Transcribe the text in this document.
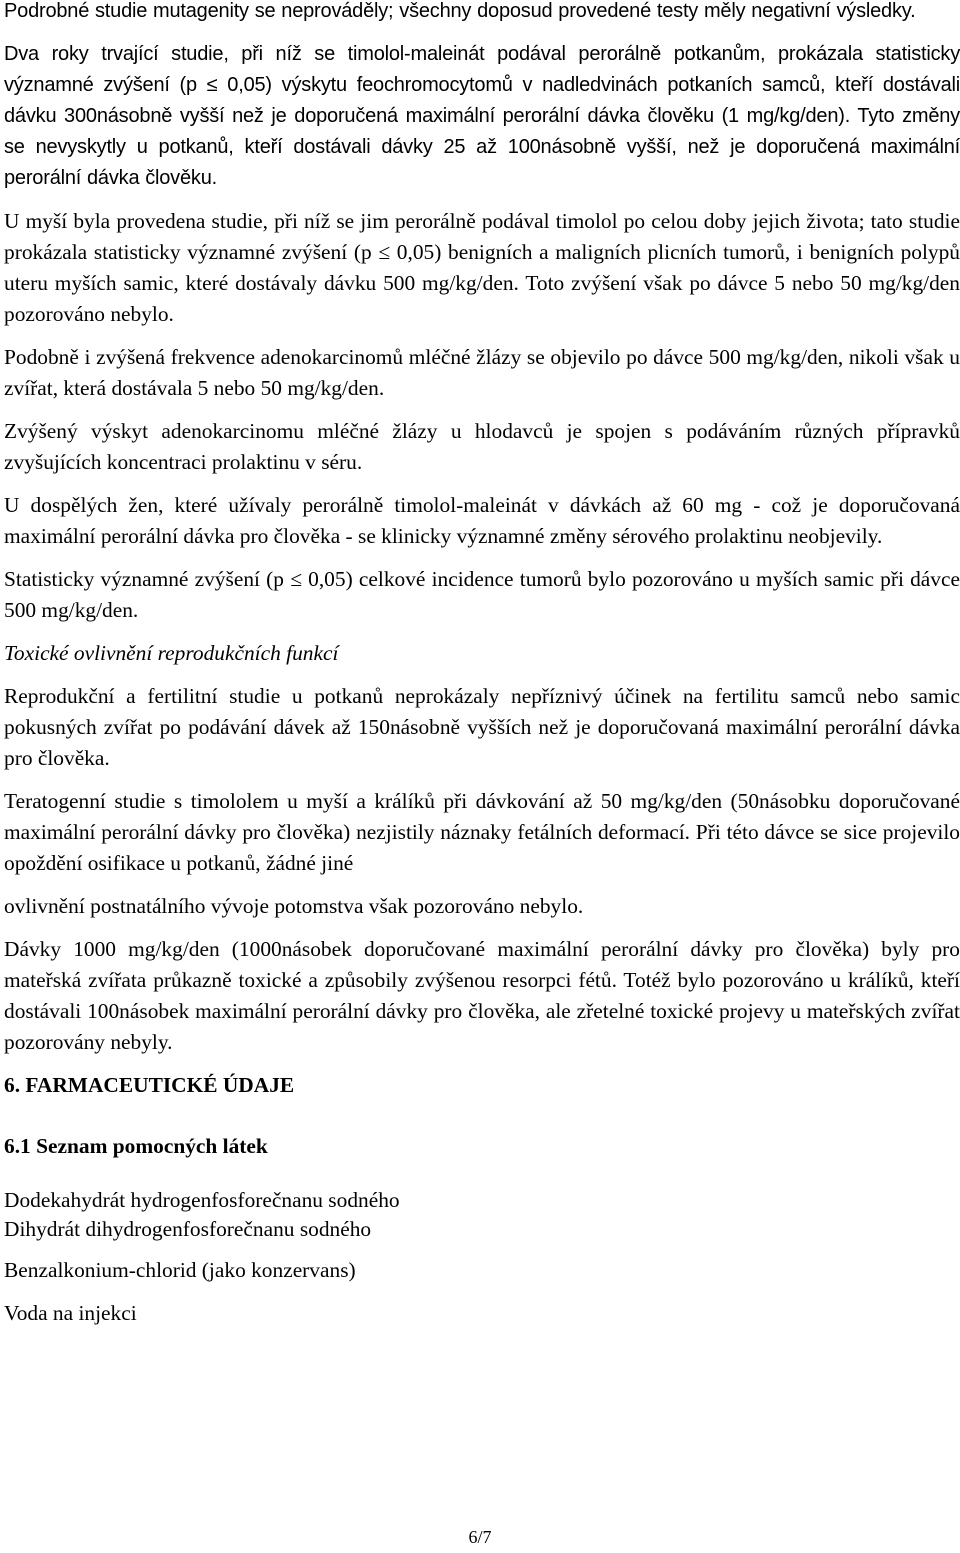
Podrobné studie mutagenity se neprováděly; všechny doposud provedené testy měly negativní výsledky.

Dva roky trvající studie, při níž se timolol-maleinát podával perorálně potkanům, prokázala statisticky významné zvýšení (p ≤ 0,05) výskytu feochromocytomů v nadledvinách potkaních samců, kteří dostávali dávku 300násobně vyšší než je doporučená maximální perorální dávka člověku (1 mg/kg/den). Tyto změny se nevyskytly u potkanů, kteří dostávali dávky 25 až 100násobně vyšší, než je doporučená maximální perorální dávka člověku.

U myší byla provedena studie, při níž se jim perorálně podával timolol po celou doby jejich života; tato studie prokázala statisticky významné zvýšení (p ≤ 0,05) benigních a maligních plicních tumorů, i benigních polypů uteru myších samic, které dostávaly dávku 500 mg/kg/den. Toto zvýšení však po dávce 5 nebo 50 mg/kg/den pozorováno nebylo.

Podobně i zvýšená frekvence adenokarcinomů mléčné žlázy se objevilo po dávce 500 mg/kg/den, nikoli však u zvířat, která dostávala 5 nebo 50 mg/kg/den.

Zvýšený výskyt adenokarcinomu mléčné žlázy u hlodavců je spojen s podáváním různých přípravků zvyšujících koncentraci prolaktinu v séru.

U dospělých žen, které užívaly perorálně timolol-maleinát v dávkách až 60 mg - což je doporučovaná maximální perorální dávka pro člověka - se klinicky významné změny sérového prolaktinu neobjevily.

Statisticky významné zvýšení (p ≤ 0,05) celkové incidence tumorů bylo pozorováno u myších samic při dávce 500 mg/kg/den.

Toxické ovlivnění reprodukčních funkcí

Reprodukční a fertilitní studie u potkanů neprokázaly nepříznivý účinek na fertilitu samců nebo samic pokusných zvířat po podávání dávek až 150násobně vyšších než je doporučovaná maximální perorální dávka pro člověka.

Teratogenní studie s timololem u myší a králíků při dávkování až 50 mg/kg/den (50násobku doporučované maximální perorální dávky pro člověka) nezjistily náznaky fetálních deformací. Při této dávce se sice projevilo opoždění osifikace u potkanů, žádné jiné

ovlivnění postnatálního vývoje potomstva však pozorováno nebylo.

Dávky 1000 mg/kg/den (1000násobek doporučované maximální perorální dávky pro člověka) byly pro mateřská zvířata průkazně toxické a způsobily zvýšenou resorpci fétů. Totéž bylo pozorováno u králíků, kteří dostávali 100násobek maximální perorální dávky pro člověka, ale zřetelné toxické projevy u mateřských zvířat pozorovány nebyly.

6. FARMACEUTICKÉ ÚDAJE

6.1 Seznam pomocných látek

Dodekahydrát hydrogenfosforečnanu sodného

Dihydrát dihydrogenfosforečnanu sodného

Benzalkonium-chlorid (jako konzervans)

Voda na injekci

6/7
